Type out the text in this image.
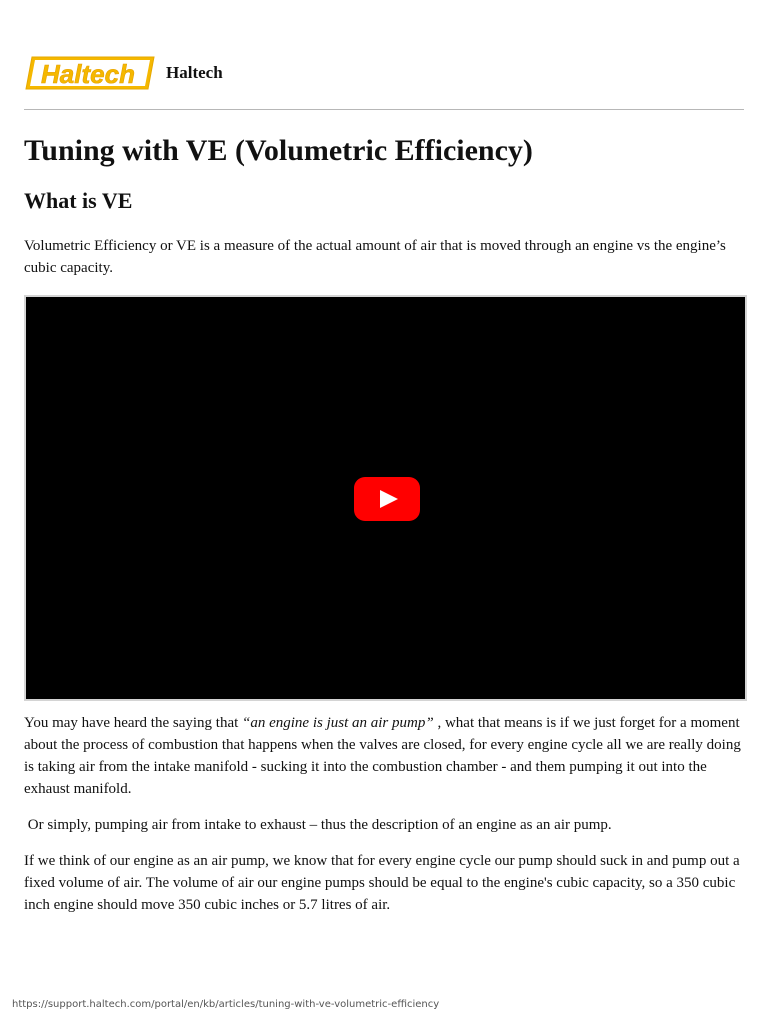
Haltech Haltech
Tuning with VE (Volumetric Efficiency)
What is VE

Volumetric Efficiency or VE is a measure of the actual amount of air that is moved through an engine vs the engine’s cubic capacity.

You may have heard the saying that “an engine is just an air pump” , what that means is if we just forget for a moment about the process of combustion that happens when the valves are closed, for every engine cycle all we are really doing is taking air from the intake manifold - sucking it into the combustion chamber - and them pumping it out into the exhaust manifold.

Or simply, pumping air from intake to exhaust – thus the description of an engine as an air pump.

If we think of our engine as an air pump, we know that for every engine cycle our pump should suck in and pump out a fixed volume of air. The volume of air our engine pumps should be equal to the engine's cubic capacity, so a 350 cubic inch engine should move 350 cubic inches or 5.7 litres of air.

https://support.haltech.com/portal/en/kb/articles/tuning-with-ve-volumetric-efficiency
